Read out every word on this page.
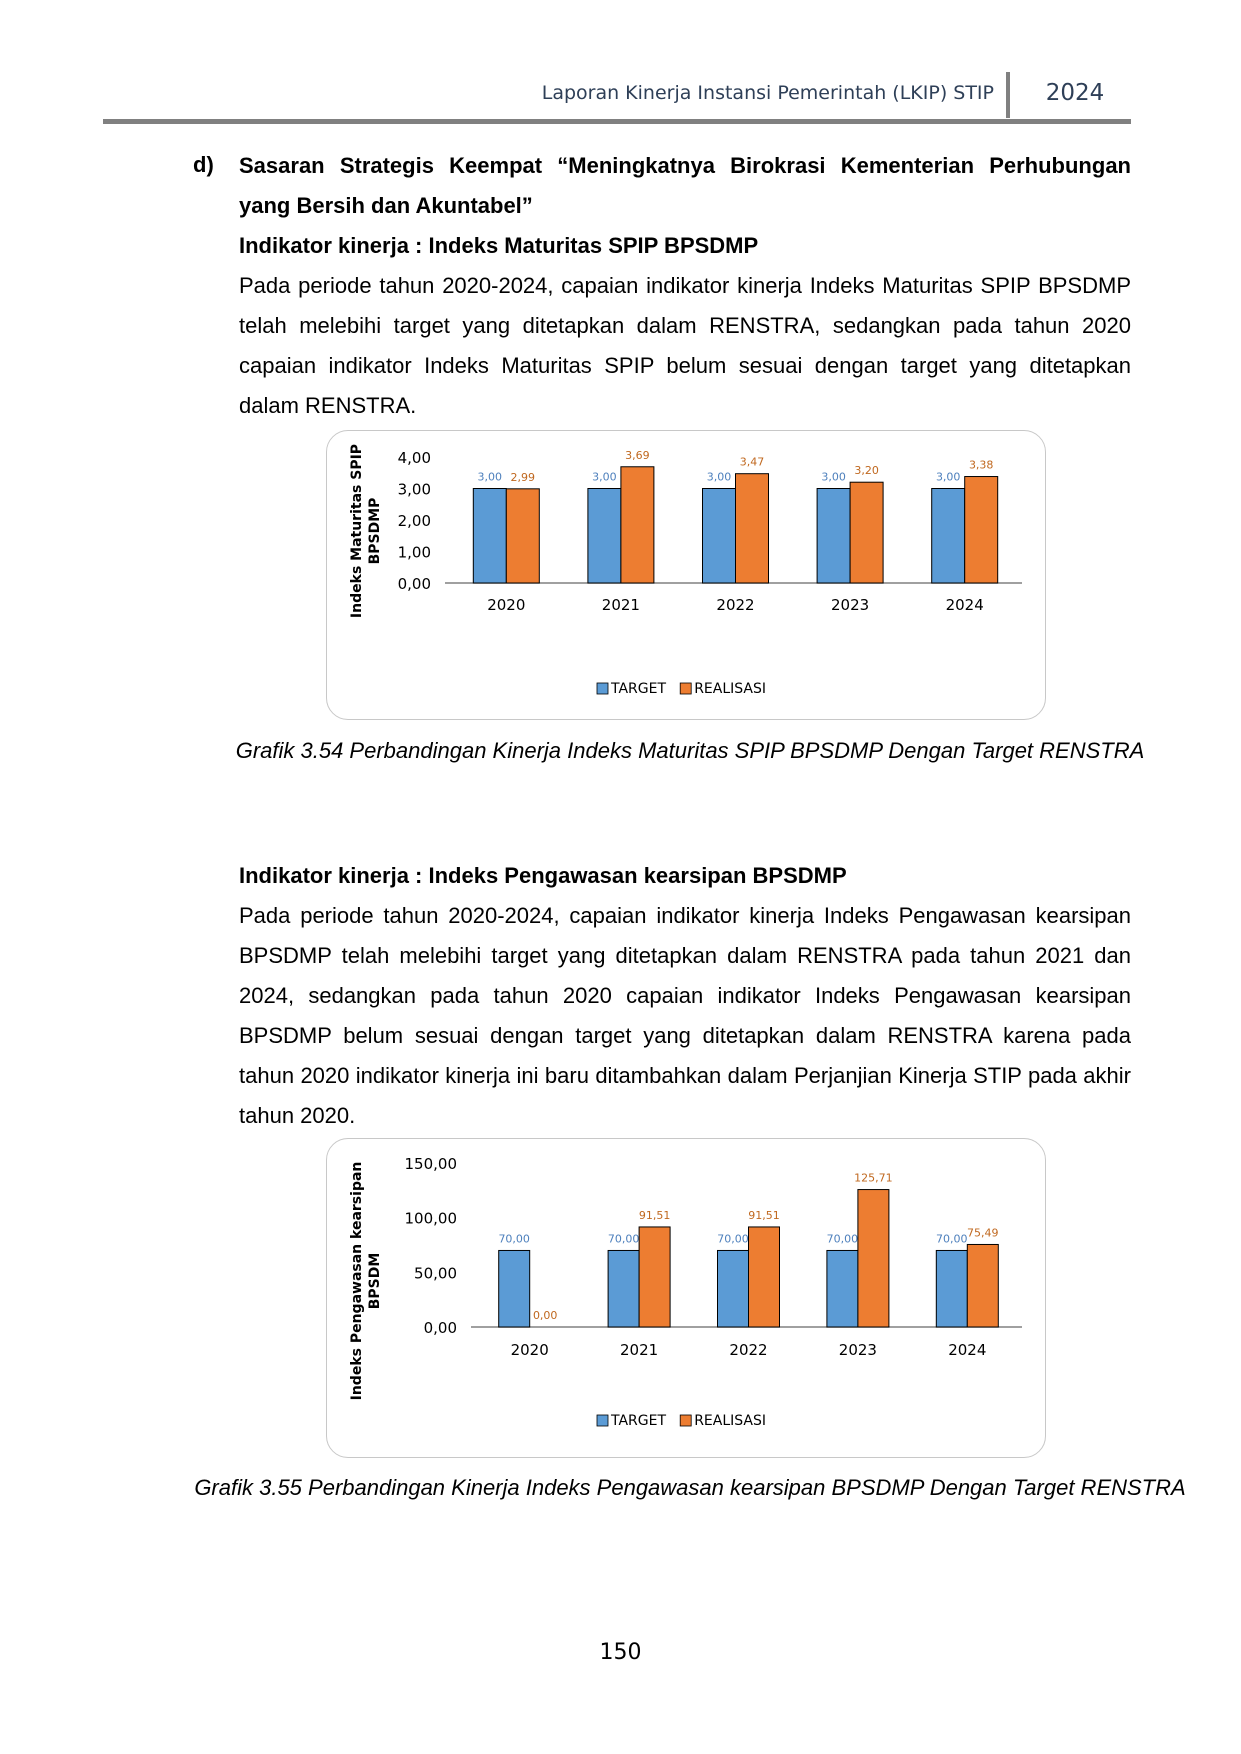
Laporan Kinerja Instansi Pemerintah (LKIP) STIP	2024
d) Sasaran Strategis Keempat “Meningkatnya Birokrasi Kementerian Perhubungan yang Bersih dan Akuntabel”
Indikator kinerja : Indeks Maturitas SPIP BPSDMP
Pada periode tahun 2020-2024, capaian indikator kinerja Indeks Maturitas SPIP BPSDMP telah melebihi target yang ditetapkan dalam RENSTRA, sedangkan pada tahun 2020 capaian indikator Indeks Maturitas SPIP belum sesuai dengan target yang ditetapkan dalam RENSTRA.
0,00
1,00
2,00
3,00
4,00
Indeks Maturitas SPIP BPSDMP
3,00 2,99
2020
3,00
3,69
2021
3,00
3,47
2022
3,00 3,20
2023
3,00
3,38
2024
TARGET REALISASI
Grafik 3.54 Perbandingan Kinerja Indeks Maturitas SPIP BPSDMP Dengan Target RENSTRA
Indikator kinerja : Indeks Pengawasan kearsipan BPSDMP
Pada periode tahun 2020-2024, capaian indikator kinerja Indeks Pengawasan kearsipan BPSDMP telah melebihi target yang ditetapkan dalam RENSTRA pada tahun 2021 dan 2024, sedangkan pada tahun 2020 capaian indikator Indeks Pengawasan kearsipan BPSDMP belum sesuai dengan target yang ditetapkan dalam RENSTRA karena pada tahun 2020 indikator kinerja ini baru ditambahkan dalam Perjanjian Kinerja STIP pada akhir tahun 2020.
0,00
50,00
100,00
150,00
Indeks Pengawasan kearsipan BPSDM
70,00
0,00
2020
70,00
91,51
2021
70,00
91,51
2022
70,00
125,71
2023
70,00 75,49
2024
TARGET REALISASI
Grafik 3.55 Perbandingan Kinerja Indeks Pengawasan kearsipan BPSDMP Dengan Target RENSTRA
150
